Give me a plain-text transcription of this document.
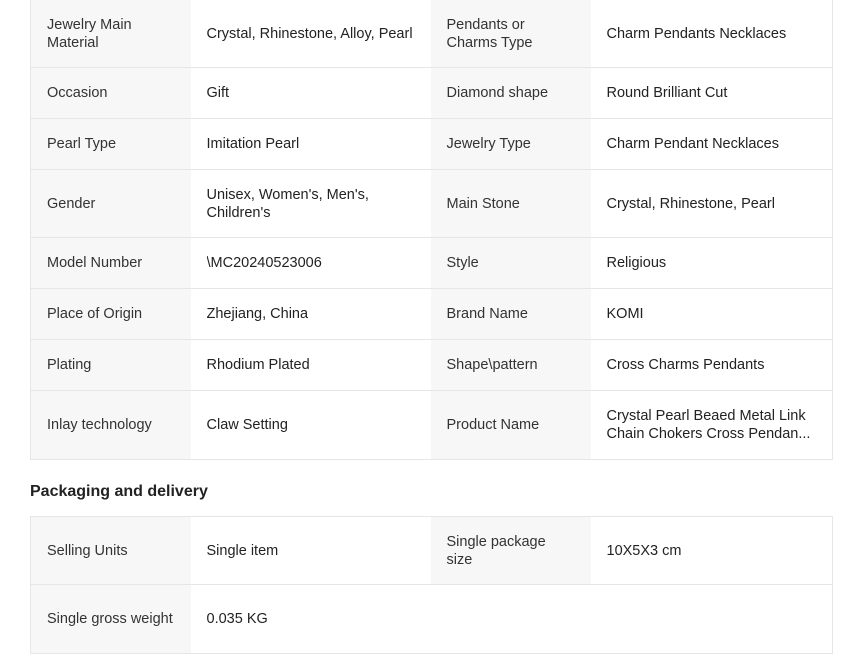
Jewelry Main Material	Crystal, Rhinestone, Alloy, Pearl	Pendants or Charms Type	Charm Pendants Necklaces

Occasion	Gift	Diamond shape	Round Brilliant Cut

Pearl Type	Imitation Pearl	Jewelry Type	Charm Pendant Necklaces

Gender	Unisex, Women's, Men's, Children's	Main Stone	Crystal, Rhinestone, Pearl

Model Number	\MC20240523006	Style	Religious

Place of Origin	Zhejiang, China	Brand Name	KOMI

Plating	Rhodium Plated	Shape\pattern	Cross Charms Pendants

Inlay technology	Claw Setting	Product Name	Crystal Pearl Beaed Metal Link Chain Chokers Cross Pendan...
Packaging and delivery
Selling Units	Single item	Single package size	10X5X3 cm

Single gross weight	0.035 KG		
